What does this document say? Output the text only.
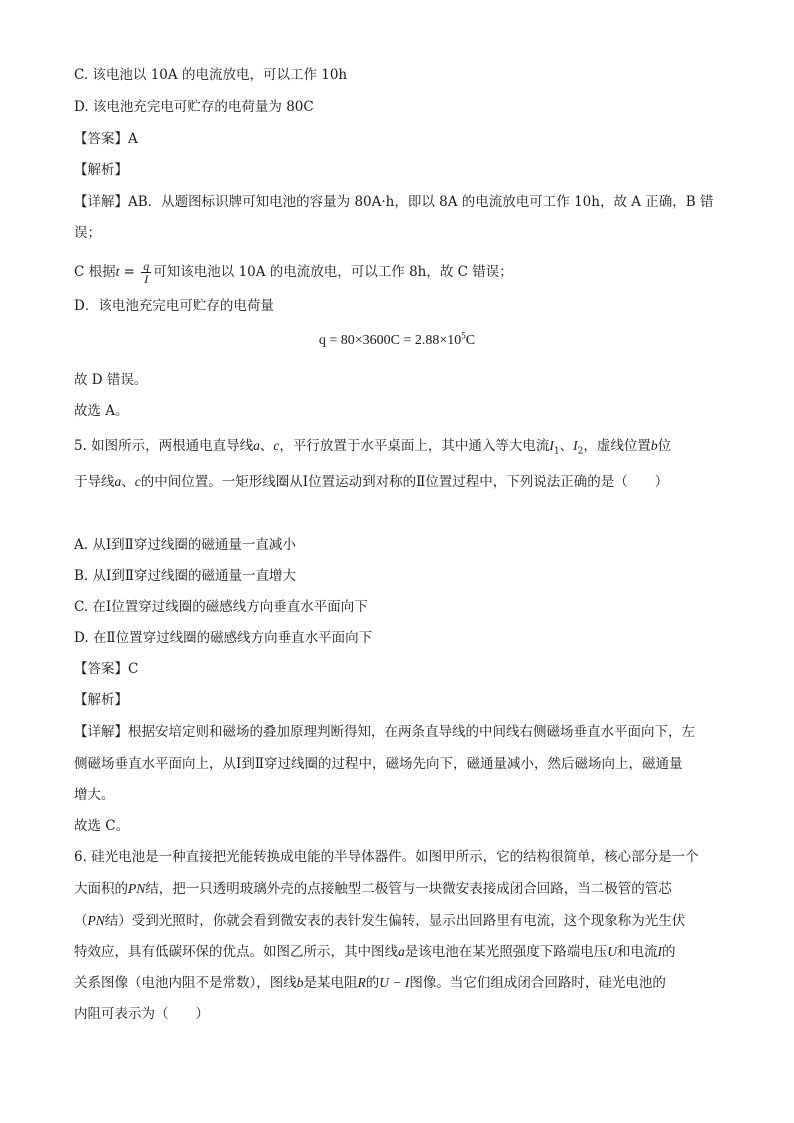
C. 该电池以 10A 的电流放电，可以工作 10h
D. 该电池充完电可贮存的电荷量为 80C
【答案】A
【解析】
【详解】AB．从题图标识牌可知电池的容量为 80A·h，即以 8A 的电流放电可工作 10h，故 A 正确，B 错
误；
C 根据$t = \frac{q}{I}$ 可知该电池以 10A 的电流放电，可以工作 8h，故 C 错误；
D．该电池充完电可贮存的电荷量
$q = 80\times 3600C = 2.88\times 10^5C$
故 D 错误。
故选 A。
5. 如图所示，两根通电直导线a、c，平行放置于水平桌面上，其中通入等大电流$I_1$、$I_2$，虚线位置b位
于导线a、c的中间位置。一矩形线圈从Ⅰ位置运动到对称的Ⅱ位置过程中，下列说法正确的是（　　）
A. 从Ⅰ到Ⅱ穿过线圈的磁通量一直减小
B. 从Ⅰ到Ⅱ穿过线圈的磁通量一直增大
C. 在Ⅰ位置穿过线圈的磁感线方向垂直水平面向下
D. 在Ⅱ位置穿过线圈的磁感线方向垂直水平面向下
【答案】C
【解析】
【详解】根据安培定则和磁场的叠加原理判断得知，在两条直导线的中间线右侧磁场垂直水平面向下，左
侧磁场垂直水平面向上，从Ⅰ到Ⅱ穿过线圈的过程中，磁场先向下，磁通量减小，然后磁场向上，磁通量
增大。
故选 C。
6. 硅光电池是一种直接把光能转换成电能的半导体器件。如图甲所示，它的结构很简单，核心部分是一个
大面积的PN结，把一只透明玻璃外壳的点接触型二极管与一块微安表接成闭合回路，当二极管的管芯
（PN结）受到光照时，你就会看到微安表的表针发生偏转，显示出回路里有电流，这个现象称为光生伏
特效应，具有低碳环保的优点。如图乙所示，其中图线a是该电池在某光照强度下路端电压U和电流I的
关系图像（电池内阻不是常数），图线b是某电阻R的U − I图像。当它们组成闭合回路时，硅光电池的
内阻可表示为（　　）
